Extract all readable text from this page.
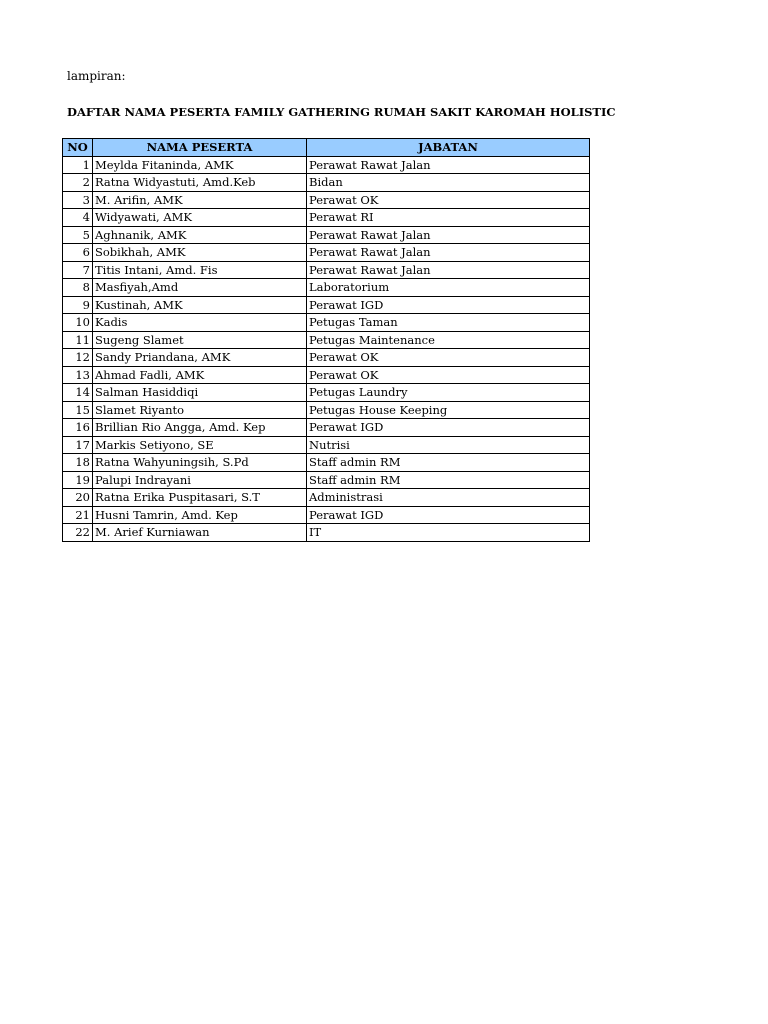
lampiran:
DAFTAR NAMA PESERTA FAMILY GATHERING RUMAH SAKIT KAROMAH HOLISTIC
NO	NAMA PESERTA	JABATAN
1	Meylda Fitaninda, AMK	Perawat Rawat Jalan
2	Ratna Widyastuti, Amd.Keb	Bidan
3	M. Arifin, AMK	Perawat OK
4	Widyawati, AMK	Perawat RI
5	Aghnanik, AMK	Perawat Rawat Jalan
6	Sobikhah, AMK	Perawat Rawat Jalan
7	Titis Intani, Amd. Fis	Perawat Rawat Jalan
8	Masfiyah,Amd	Laboratorium
9	Kustinah, AMK	Perawat IGD
10	Kadis	Petugas Taman
11	Sugeng Slamet	Petugas Maintenance
12	Sandy Priandana, AMK	Perawat OK
13	Ahmad Fadli, AMK	Perawat OK
14	Salman Hasiddiqi	Petugas Laundry
15	Slamet Riyanto	Petugas House Keeping
16	Brillian Rio Angga, Amd. Kep	Perawat IGD
17	Markis Setiyono, SE	Nutrisi
18	Ratna Wahyuningsih, S.Pd	Staff admin RM
19	Palupi Indrayani	Staff admin RM
20	Ratna Erika Puspitasari, S.T	Administrasi
21	Husni Tamrin, Amd. Kep	Perawat IGD
22	M. Arief Kurniawan	IT
